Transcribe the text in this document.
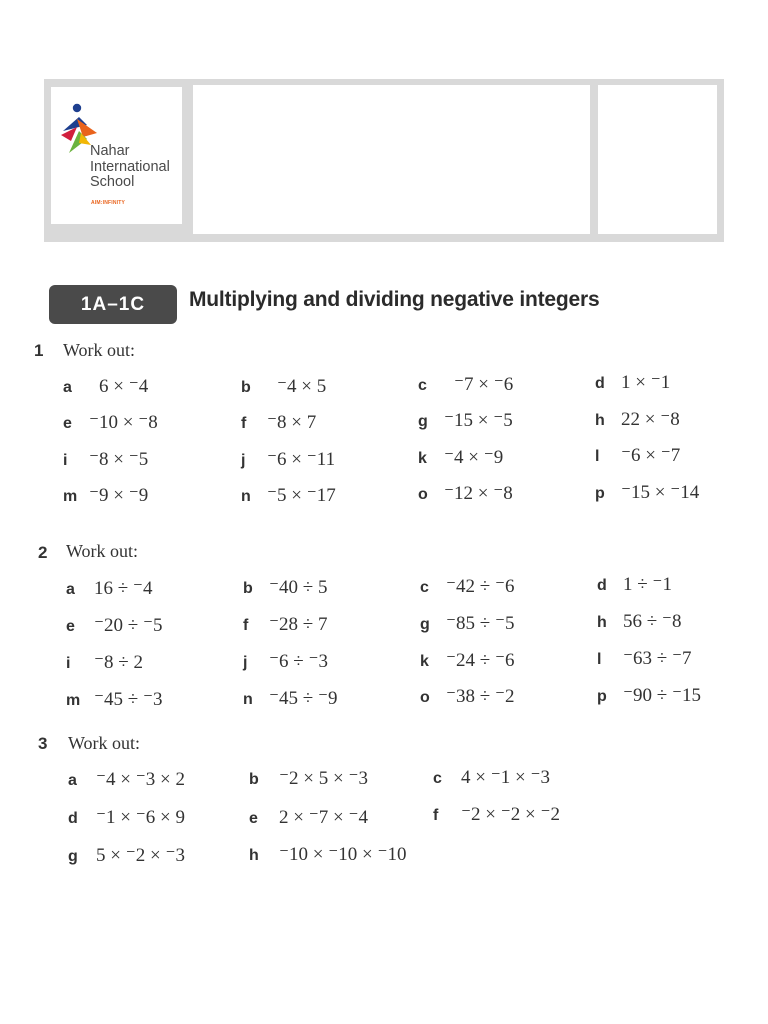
Nahar
International
School
AIM:INFINITY
1A–1C	Multiplying and dividing negative integers
1 Work out:
a 6 × ⁻4	b ⁻4 × 5	c ⁻7 × ⁻6	d 1 × ⁻1
e ⁻10 × ⁻8	f ⁻8 × 7	g ⁻15 × ⁻5	h 22 × ⁻8
i ⁻8 × ⁻5	j ⁻6 × ⁻11	k ⁻4 × ⁻9	l ⁻6 × ⁻7
m ⁻9 × ⁻9	n ⁻5 × ⁻17	o ⁻12 × ⁻8	p ⁻15 × ⁻14
2 Work out:
a 16 ÷ ⁻4	b ⁻40 ÷ 5	c ⁻42 ÷ ⁻6	d 1 ÷ ⁻1
e ⁻20 ÷ ⁻5	f ⁻28 ÷ 7	g ⁻85 ÷ ⁻5	h 56 ÷ ⁻8
i ⁻8 ÷ 2	j ⁻6 ÷ ⁻3	k ⁻24 ÷ ⁻6	l ⁻63 ÷ ⁻7
m ⁻45 ÷ ⁻3	n ⁻45 ÷ ⁻9	o ⁻38 ÷ ⁻2	p ⁻90 ÷ ⁻15
3 Work out:
a ⁻4 × ⁻3 × 2	b ⁻2 × 5 × ⁻3	c 4 × ⁻1 × ⁻3
d ⁻1 × ⁻6 × 9	e 2 × ⁻7 × ⁻4	f ⁻2 × ⁻2 × ⁻2
g 5 × ⁻2 × ⁻3	h ⁻10 × ⁻10 × ⁻10
